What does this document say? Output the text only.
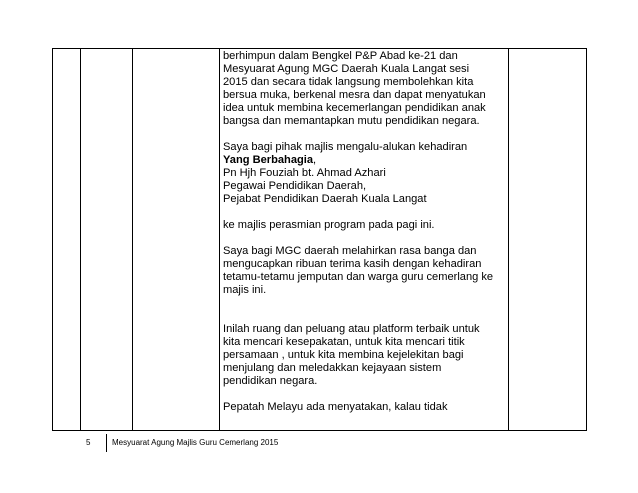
berhimpun dalam Bengkel P&P Abad ke-21 dan
Mesyuarat Agung MGC Daerah Kuala Langat sesi
2015 dan secara tidak langsung membolehkan kita
bersua muka, berkenal mesra dan dapat menyatukan
idea untuk membina kecemerlangan pendidikan anak
bangsa dan memantapkan mutu pendidikan negara.

Saya bagi pihak majlis mengalu-alukan kehadiran
Yang Berbahagia,
Pn Hjh Fouziah bt. Ahmad Azhari
Pegawai Pendidikan Daerah,
Pejabat Pendidikan Daerah Kuala Langat

ke majlis perasmian program pada pagi ini.

Saya bagi MGC daerah melahirkan rasa banga dan
mengucapkan ribuan terima kasih dengan kehadiran
tetamu-tetamu jemputan dan warga guru cemerlang ke
majis ini.

Inilah ruang dan peluang atau platform terbaik untuk
kita mencari kesepakatan, untuk kita mencari titik
persamaan , untuk kita membina kejelekitan bagi
menjulang dan meledakkan kejayaan sistem
pendidikan negara.

Pepatah Melayu ada menyatakan, kalau tidak

5	Mesyuarat Agung Majlis Guru Cemerlang 2015
